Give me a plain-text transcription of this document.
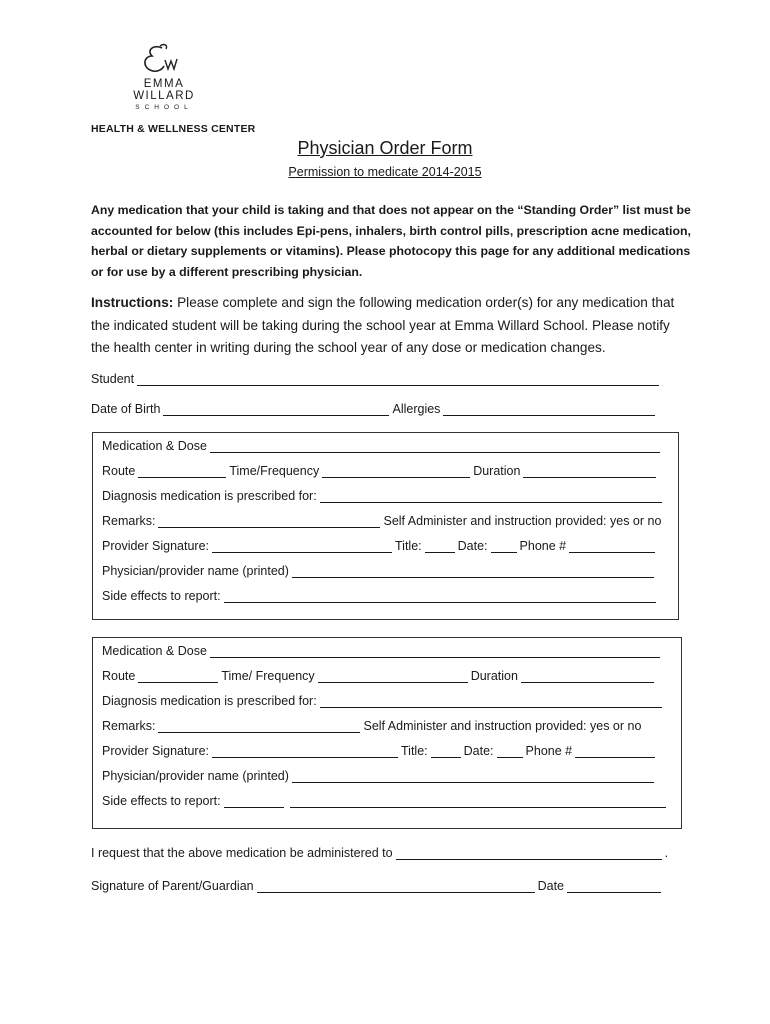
EMMA WILLARD
SCHOOL
HEALTH & WELLNESS CENTER
Physician Order Form
Permission to medicate 2014-2015
Any medication that your child is taking and that does not appear on the “Standing Order” list must be accounted for below (this includes Epi-pens, inhalers, birth control pills, prescription acne medication, herbal or dietary supplements or vitamins). Please photocopy this page for any additional medications or for use by a different prescribing physician.
Instructions: Please complete and sign the following medication order(s) for any medication that the indicated student will be taking during the school year at Emma Willard School. Please notify the health center in writing during the school year of any dose or medication changes.
Student
Date of Birth	Allergies
Medication & Dose
Route	Time/Frequency	Duration
Diagnosis medication is prescribed for:
Remarks:	Self Administer and instruction provided: yes or no
Provider Signature:	Title:	Date:	Phone #
Physician/provider name (printed)
Side effects to report:
Medication & Dose
Route	Time/ Frequency	Duration
Diagnosis medication is prescribed for:
Remarks:	Self Administer and instruction provided: yes or no
Provider Signature:	Title:	Date:	Phone #
Physician/provider name (printed)
Side effects to report:
I request that the above medication be administered to	.
Signature of Parent/Guardian	Date
